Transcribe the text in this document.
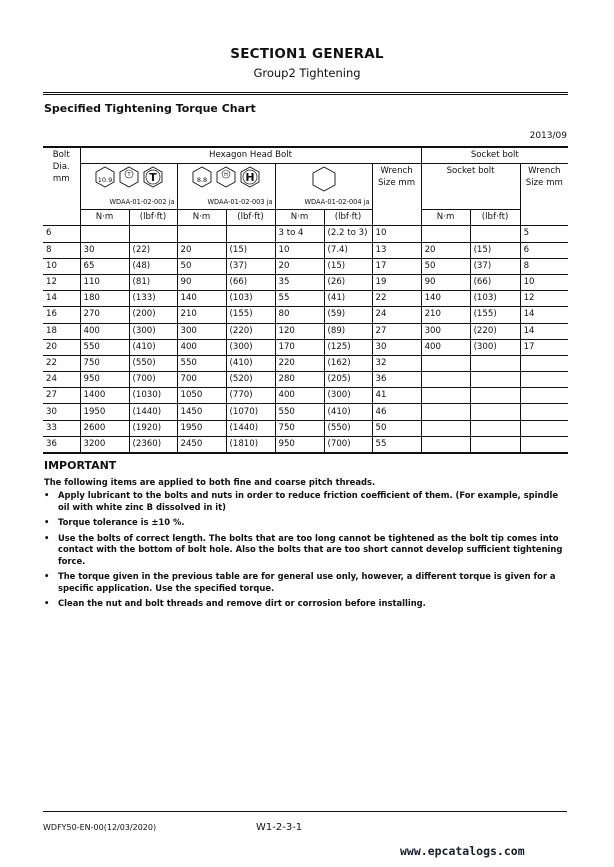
SECTION1 GENERAL
Group2 Tightening
Specified Tightening Torque Chart
2013/09
Bolt
Dia.
mm	Hexagon Head Bolt							Socket bolt		

10.9
T T
WDAA-01-02-002 ja

8.8
H H
WDAA-01-02-003 ja	WDAA-01-02-004 ja
	Wrench Size mm	Socket bolt	Wrench Size mm
	N·m	(lbf·ft)	N·m	(lbf·ft)	N·m	(lbf·ft)		N·m	(lbf·ft)	
6					3 to 4	(2.2 to 3)	10			5
8	30	(22)	20	(15)	10	(7.4)	13	20	(15)	6
10	65	(48)	50	(37)	20	(15)	17	50	(37)	8
12	110	(81)	90	(66)	35	(26)	19	90	(66)	10
14	180	(133)	140	(103)	55	(41)	22	140	(103)	12
16	270	(200)	210	(155)	80	(59)	24	210	(155)	14
18	400	(300)	300	(220)	120	(89)	27	300	(220)	14
20	550	(410)	400	(300)	170	(125)	30	400	(300)	17
22	750	(550)	550	(410)	220	(162)	32			
24	950	(700)	700	(520)	280	(205)	36			
27	1400	(1030)	1050	(770)	400	(300)	41			
30	1950	(1440)	1450	(1070)	550	(410)	46			
33	2600	(1920)	1950	(1440)	750	(550)	50			
36	3200	(2360)	2450	(1810)	950	(700)	55			
IMPORTANT
The following items are applied to both fine and coarse pitch threads.
• Apply lubricant to the bolts and nuts in order to reduce friction coefficient of them. (For example, spindle oil with white zinc B dissolved in it)
• Torque tolerance is ±10 %.
• Use the bolts of correct length. The bolts that are too long cannot be tightened as the bolt tip comes into contact with the bottom of bolt hole. Also the bolts that are too short cannot develop sufficient tightening force.
• The torque given in the previous table are for general use only, however, a different torque is given for a specific application. Use the specified torque.
• Clean the nut and bolt threads and remove dirt or corrosion before installing.
WDFY50-EN-00(12/03/2020)	W1-2-3-1
www.epcatalogs.com
